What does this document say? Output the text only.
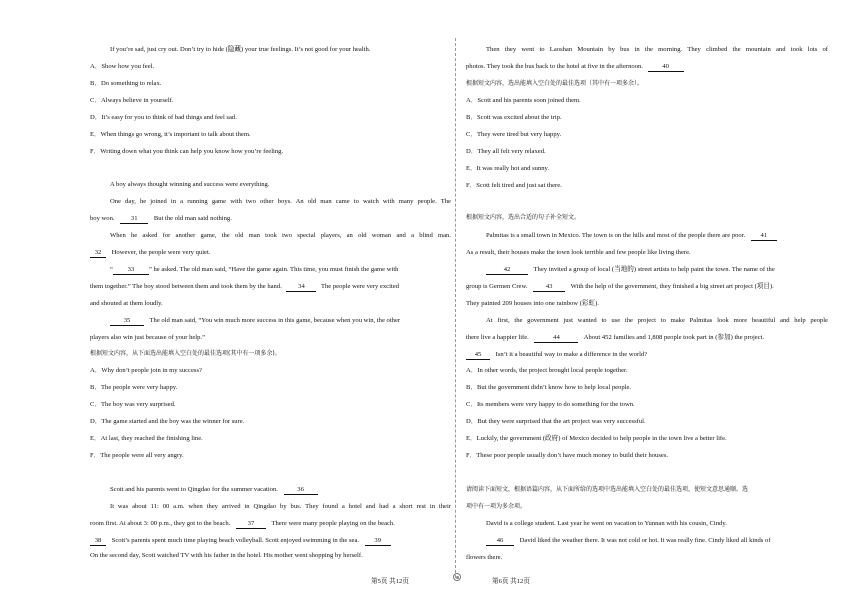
If you’re sad, just cry out. Don’t try to hide (隐藏) your true feelings. It’s not good for your health.
A．Show how you feel.
B．Do something to relax.
C．Always believe in yourself.
D．It’s easy for you to think of bad things and feel sad.
E．When things go wrong, it’s important to talk about them.
F．Writing down what you think can help you know how you’re feeling.
A boy always thought winning and success were everything.
One day, he joined in a running game with two other boys. An old man came to watch with many people. The
boy won. 31 But the old man said nothing.
When he asked for another game, the old man took two special players, an old woman and a blind man.
32 However, the people were very quiet.
“ 33 ” he asked. The old man said, “Have the game again. This time, you must finish the game with
them together.” The boy stood between them and took them by the hand. 34 The people were very excited
and shouted at them loudly.
35	The old man said, “You win much more success in this game, because when you win, the other
players also win just because of your help.”
根据短文内容，从下面选出能填入空白处的最佳选项(其中有一项多余)。
A．Why don’t people join in my success?
B．The people were very happy.
C．The boy was very surprised.
D．The game started and the boy was the winner for sure.
E．At last, they reached the finishing line.
F．The people were all very angry.
Scott and his parents went to Qingdao for the summer vacation.	36
It was about 11: 00 a.m. when they arrived in Qingdao by bus. They found a hotel and had a short rest in their
room first. At about 3: 00 p.m., they got to the beach.	37	There were many people playing on the beach.
38 Scott’s parents spent much time playing beach volleyball. Scott enjoyed swimming in the sea. 39
On the second day, Scott watched TV with his father in the hotel. His mother went shopping by herself.
Then they went to Laoshan Mountain by bus in the morning. They climbed the mountain and took lots of
photos. They took the bus back to the hotel at five in the afternoon.	40
根据短文内容，选出能填入空白处的最佳选项（其中有一项多余）。
A．Scott and his parents soon joined them.
B．Scott was excited about the trip.
C．They were tired but very happy.
D．They all felt very relaxed.
E．It was really hot and sunny.
F．Scott felt tired and just sat there.
根据短文内容，选出合适的句子补全短文。
Palmitas is a small town in Mexico. The town is on the hills and most of the people there are poor. 41
As a result, their houses make the town look terrible and few people like living there.
42	They invited a group of local (当地的) street artists to help paint the town. The name of the
group is Germen Crew.	43	With the help of the government, they finished a big street art project (项目).
They painted 209 houses into one rainbow (彩虹).
At first, the government just wanted to use the project to make Palmitas look more beautiful and help people
there live a happier life.	44	About 452 families and 1,808 people took part in (参加) the project.
45 Isn’t it a beautiful way to make a difference in the world?
A．In other words, the project brought local people together.
B．But the government didn’t know how to help local people.
C．Its members were very happy to do something for the town.
D．But they were surprised that the art project was very successful.
E．Luckily, the government (政府) of Mexico decided to help people in the town live a better life.
F．These poor people usually don’t have much money to build their houses.
请阅读下面短文，根据语篇内容，从下面所给的选项中选出能填入空白处的最佳选项，使短文意思通顺。选
项中有一项为多余项。
David is a college student. Last year he went on vacation to Yunnan with his cousin, Cindy.
46 David liked the weather there. It was not cold or hot. It was really fine. Cindy liked all kinds of
flowers there.
第5页 共12页	第6页 共12页
